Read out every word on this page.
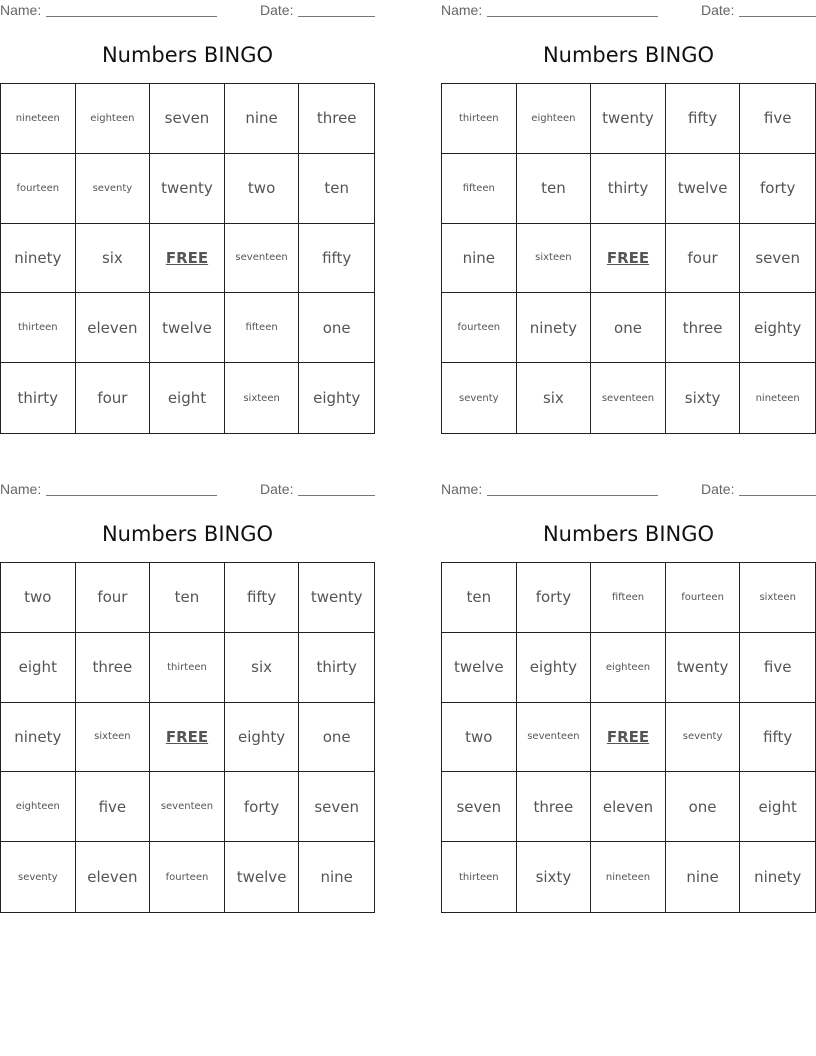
Name:	Date:
Numbers BINGO
nineteen	eighteen	seven	nine	three
fourteen	seventy	twenty	two	ten
ninety	six	FREE	seventeen	fifty
thirteen	eleven	twelve	fifteen	one
thirty	four	eight	sixteen	eighty
Name:	Date:
Numbers BINGO
thirteen	eighteen	twenty	fifty	five
fifteen	ten	thirty	twelve	forty
nine	sixteen	FREE	four	seven
fourteen	ninety	one	three	eighty
seventy	six	seventeen	sixty	nineteen
Name:	Date:
Numbers BINGO
two	four	ten	fifty	twenty
eight	three	thirteen	six	thirty
ninety	sixteen	FREE	eighty	one
eighteen	five	seventeen	forty	seven
seventy	eleven	fourteen	twelve	nine
Name:	Date:
Numbers BINGO
ten	forty	fifteen	fourteen	sixteen
twelve	eighty	eighteen	twenty	five
two	seventeen	FREE	seventy	fifty
seven	three	eleven	one	eight
thirteen	sixty	nineteen	nine	ninety
